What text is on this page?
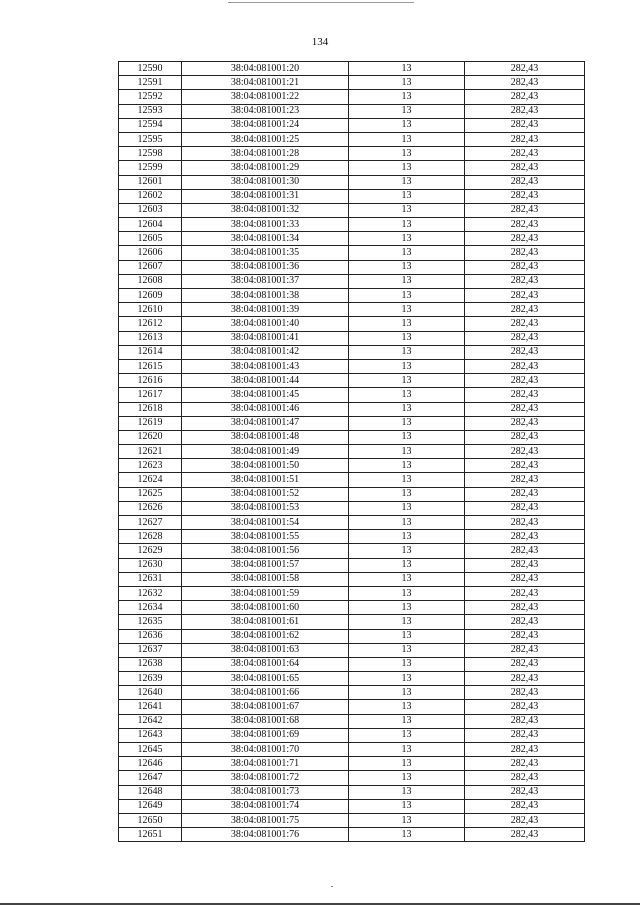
134
12590	38:04:081001:20	13	282,43
12591	38:04:081001:21	13	282,43
12592	38:04:081001:22	13	282,43
12593	38:04:081001:23	13	282,43
12594	38:04:081001:24	13	282,43
12595	38:04:081001:25	13	282,43
12598	38:04:081001:28	13	282,43
12599	38:04:081001:29	13	282,43
12601	38:04:081001:30	13	282,43
12602	38:04:081001:31	13	282,43
12603	38:04:081001:32	13	282,43
12604	38:04:081001:33	13	282,43
12605	38:04:081001:34	13	282,43
12606	38:04:081001:35	13	282,43
12607	38:04:081001:36	13	282,43
12608	38:04:081001:37	13	282,43
12609	38:04:081001:38	13	282,43
12610	38:04:081001:39	13	282,43
12612	38:04:081001:40	13	282,43
12613	38:04:081001:41	13	282,43
12614	38:04:081001:42	13	282,43
12615	38:04:081001:43	13	282,43
12616	38:04:081001:44	13	282,43
12617	38:04:081001:45	13	282,43
12618	38:04:081001:46	13	282,43
12619	38:04:081001:47	13	282,43
12620	38:04:081001:48	13	282,43
12621	38:04:081001:49	13	282,43
12623	38:04:081001:50	13	282,43
12624	38:04:081001:51	13	282,43
12625	38:04:081001:52	13	282,43
12626	38:04:081001:53	13	282,43
12627	38:04:081001:54	13	282,43
12628	38:04:081001:55	13	282,43
12629	38:04:081001:56	13	282,43
12630	38:04:081001:57	13	282,43
12631	38:04:081001:58	13	282,43
12632	38:04:081001:59	13	282,43
12634	38:04:081001:60	13	282,43
12635	38:04:081001:61	13	282,43
12636	38:04:081001:62	13	282,43
12637	38:04:081001:63	13	282,43
12638	38:04:081001:64	13	282,43
12639	38:04:081001:65	13	282,43
12640	38:04:081001:66	13	282,43
12641	38:04:081001:67	13	282,43
12642	38:04:081001:68	13	282,43
12643	38:04:081001:69	13	282,43
12645	38:04:081001:70	13	282,43
12646	38:04:081001:71	13	282,43
12647	38:04:081001:72	13	282,43
12648	38:04:081001:73	13	282,43
12649	38:04:081001:74	13	282,43
12650	38:04:081001:75	13	282,43
12651	38:04:081001:76	13	282,43
